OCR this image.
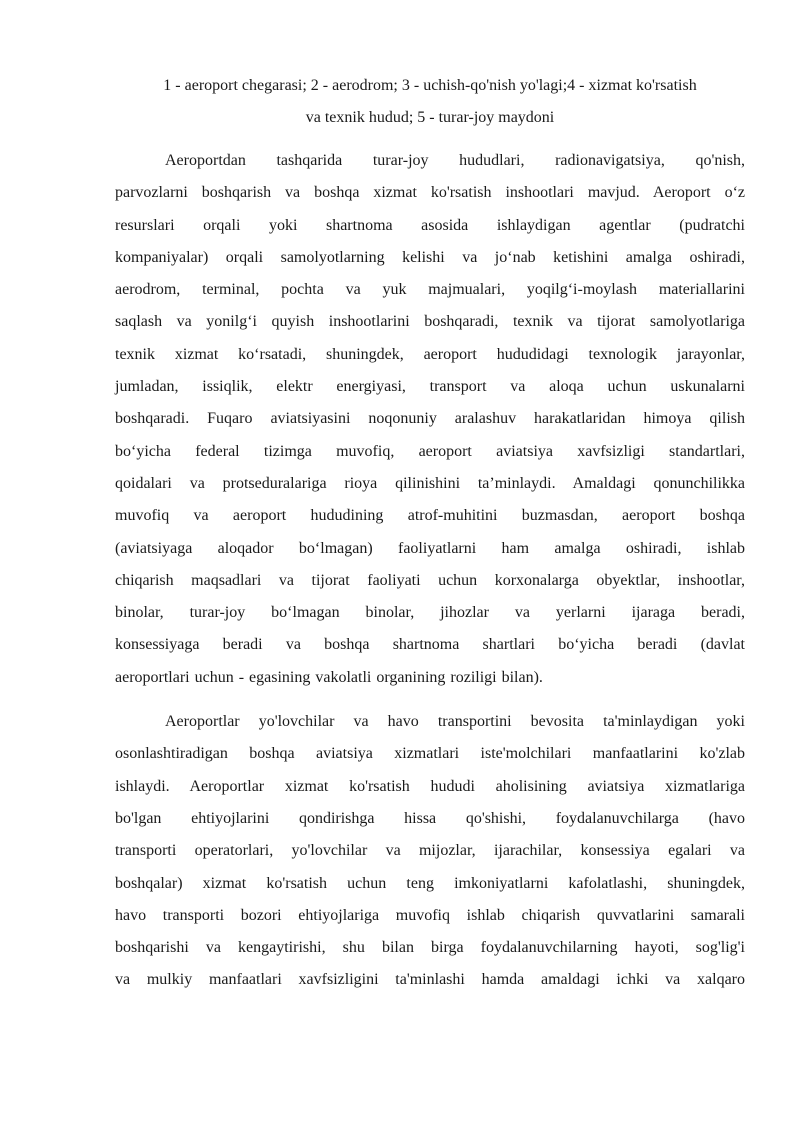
1 - aeroport chegarasi; 2 - aerodrom; 3 - uchish-qo'nish yo'lagi;4 - xizmat ko'rsatish
va texnik hudud; 5 - turar-joy maydoni
Aeroportdan tashqarida turar-joy hududlari, radionavigatsiya, qo'nish,
parvozlarni boshqarish va boshqa xizmat ko'rsatish inshootlari mavjud. Aeroport o‘z
resurslari orqali yoki shartnoma asosida ishlaydigan agentlar (pudratchi
kompaniyalar) orqali samolyotlarning kelishi va jo‘nab ketishini amalga oshiradi,
aerodrom, terminal, pochta va yuk majmualari, yoqilg‘i-moylash materiallarini
saqlash va yonilg‘i quyish inshootlarini boshqaradi, texnik va tijorat samolyotlariga
texnik xizmat ko‘rsatadi, shuningdek, aeroport hududidagi texnologik jarayonlar,
jumladan, issiqlik, elektr energiyasi, transport va aloqa uchun uskunalarni
boshqaradi. Fuqaro aviatsiyasini noqonuniy aralashuv harakatlaridan himoya qilish
bo‘yicha federal tizimga muvofiq, aeroport aviatsiya xavfsizligi standartlari,
qoidalari va protseduralariga rioya qilinishini ta’minlaydi. Amaldagi qonunchilikka
muvofiq va aeroport hududining atrof-muhitini buzmasdan, aeroport boshqa
(aviatsiyaga aloqador bo‘lmagan) faoliyatlarni ham amalga oshiradi, ishlab
chiqarish maqsadlari va tijorat faoliyati uchun korxonalarga obyektlar, inshootlar,
binolar, turar-joy bo‘lmagan binolar, jihozlar va yerlarni ijaraga beradi,
konsessiyaga beradi va boshqa shartnoma shartlari bo‘yicha beradi (davlat
aeroportlari uchun - egasining vakolatli organining roziligi bilan).
Aeroportlar yo'lovchilar va havo transportini bevosita ta'minlaydigan yoki
osonlashtiradigan boshqa aviatsiya xizmatlari iste'molchilari manfaatlarini ko'zlab
ishlaydi. Aeroportlar xizmat ko'rsatish hududi aholisining aviatsiya xizmatlariga
bo'lgan ehtiyojlarini qondirishga hissa qo'shishi, foydalanuvchilarga (havo
transporti operatorlari, yo'lovchilar va mijozlar, ijarachilar, konsessiya egalari va
boshqalar) xizmat ko'rsatish uchun teng imkoniyatlarni kafolatlashi, shuningdek,
havo transporti bozori ehtiyojlariga muvofiq ishlab chiqarish quvvatlarini samarali
boshqarishi va kengaytirishi, shu bilan birga foydalanuvchilarning hayoti, sog'lig'i
va mulkiy manfaatlari xavfsizligini ta'minlashi hamda amaldagi ichki va xalqaro
